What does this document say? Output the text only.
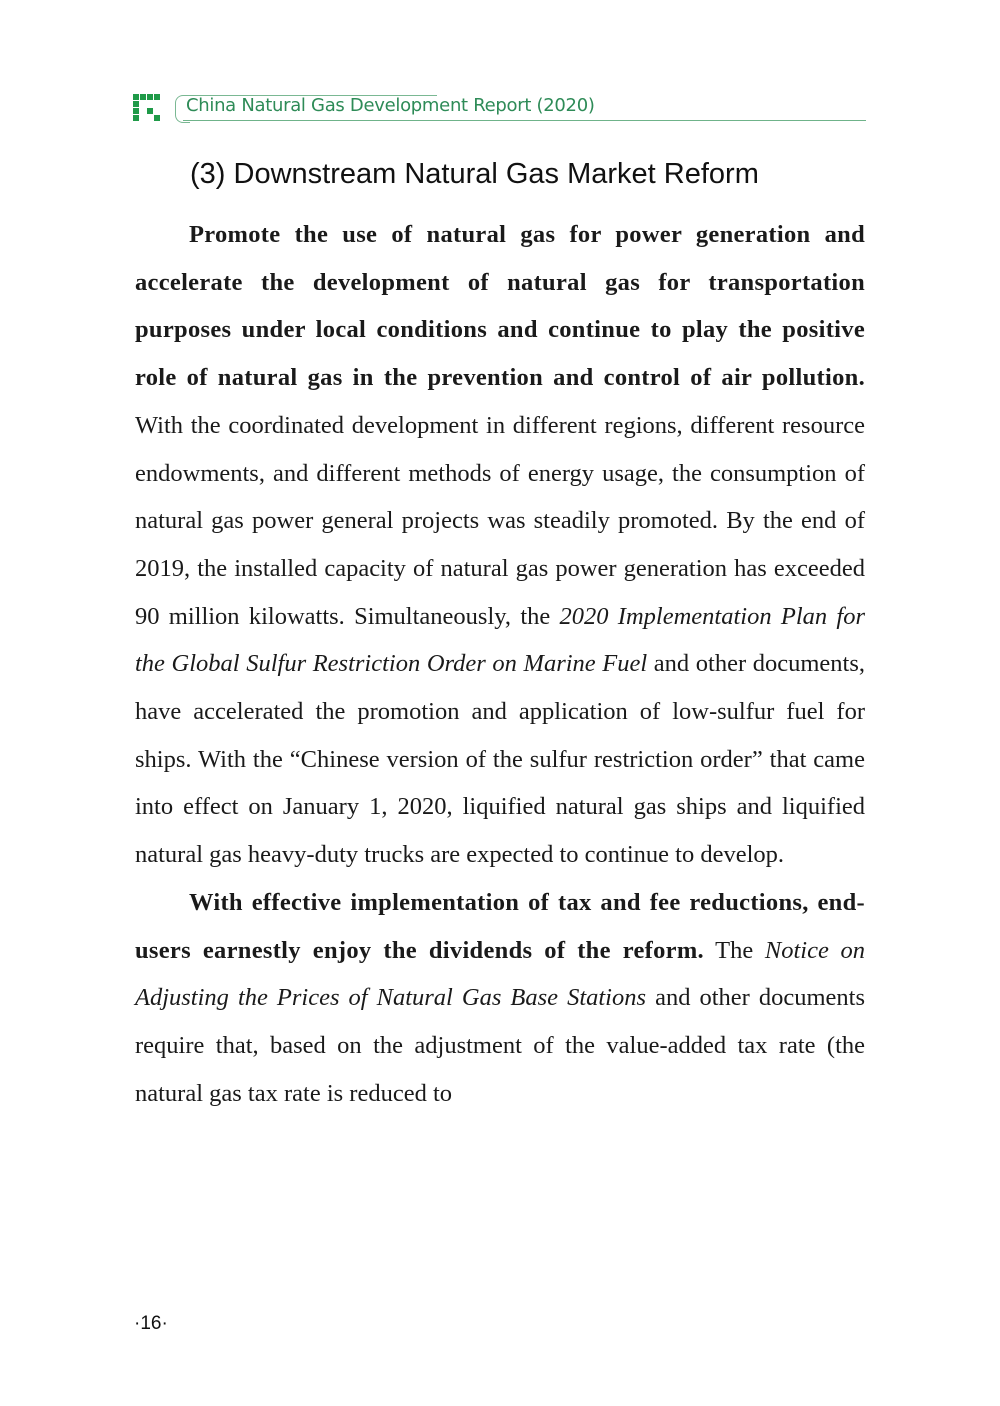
China Natural Gas Development Report (2020)
(3) Downstream Natural Gas Market Reform

Promote the use of natural gas for power generation and accelerate the development of natural gas for transportation purposes under local conditions and continue to play the positive role of natural gas in the prevention and control of air pollution. With the coordinated development in different regions, different resource endowments, and different methods of energy usage, the consumption of natural gas power general projects was steadily promoted. By the end of 2019, the installed capacity of natural gas power generation has exceeded 90 million kilowatts. Simultaneously, the 2020 Implementation Plan for the Global Sulfur Restriction Order on Marine Fuel and other documents, have accelerated the promotion and application of low-sulfur fuel for ships. With the “Chinese version of the sulfur restriction order” that came into effect on January 1, 2020, liquified natural gas ships and liquified natural gas heavy-duty trucks are expected to continue to develop.

With effective implementation of tax and fee reductions, end-users earnestly enjoy the dividends of the reform. The Notice on Adjusting the Prices of Natural Gas Base Stations and other documents require that, based on the adjustment of the value-added tax rate (the natural gas tax rate is reduced to

·16·
